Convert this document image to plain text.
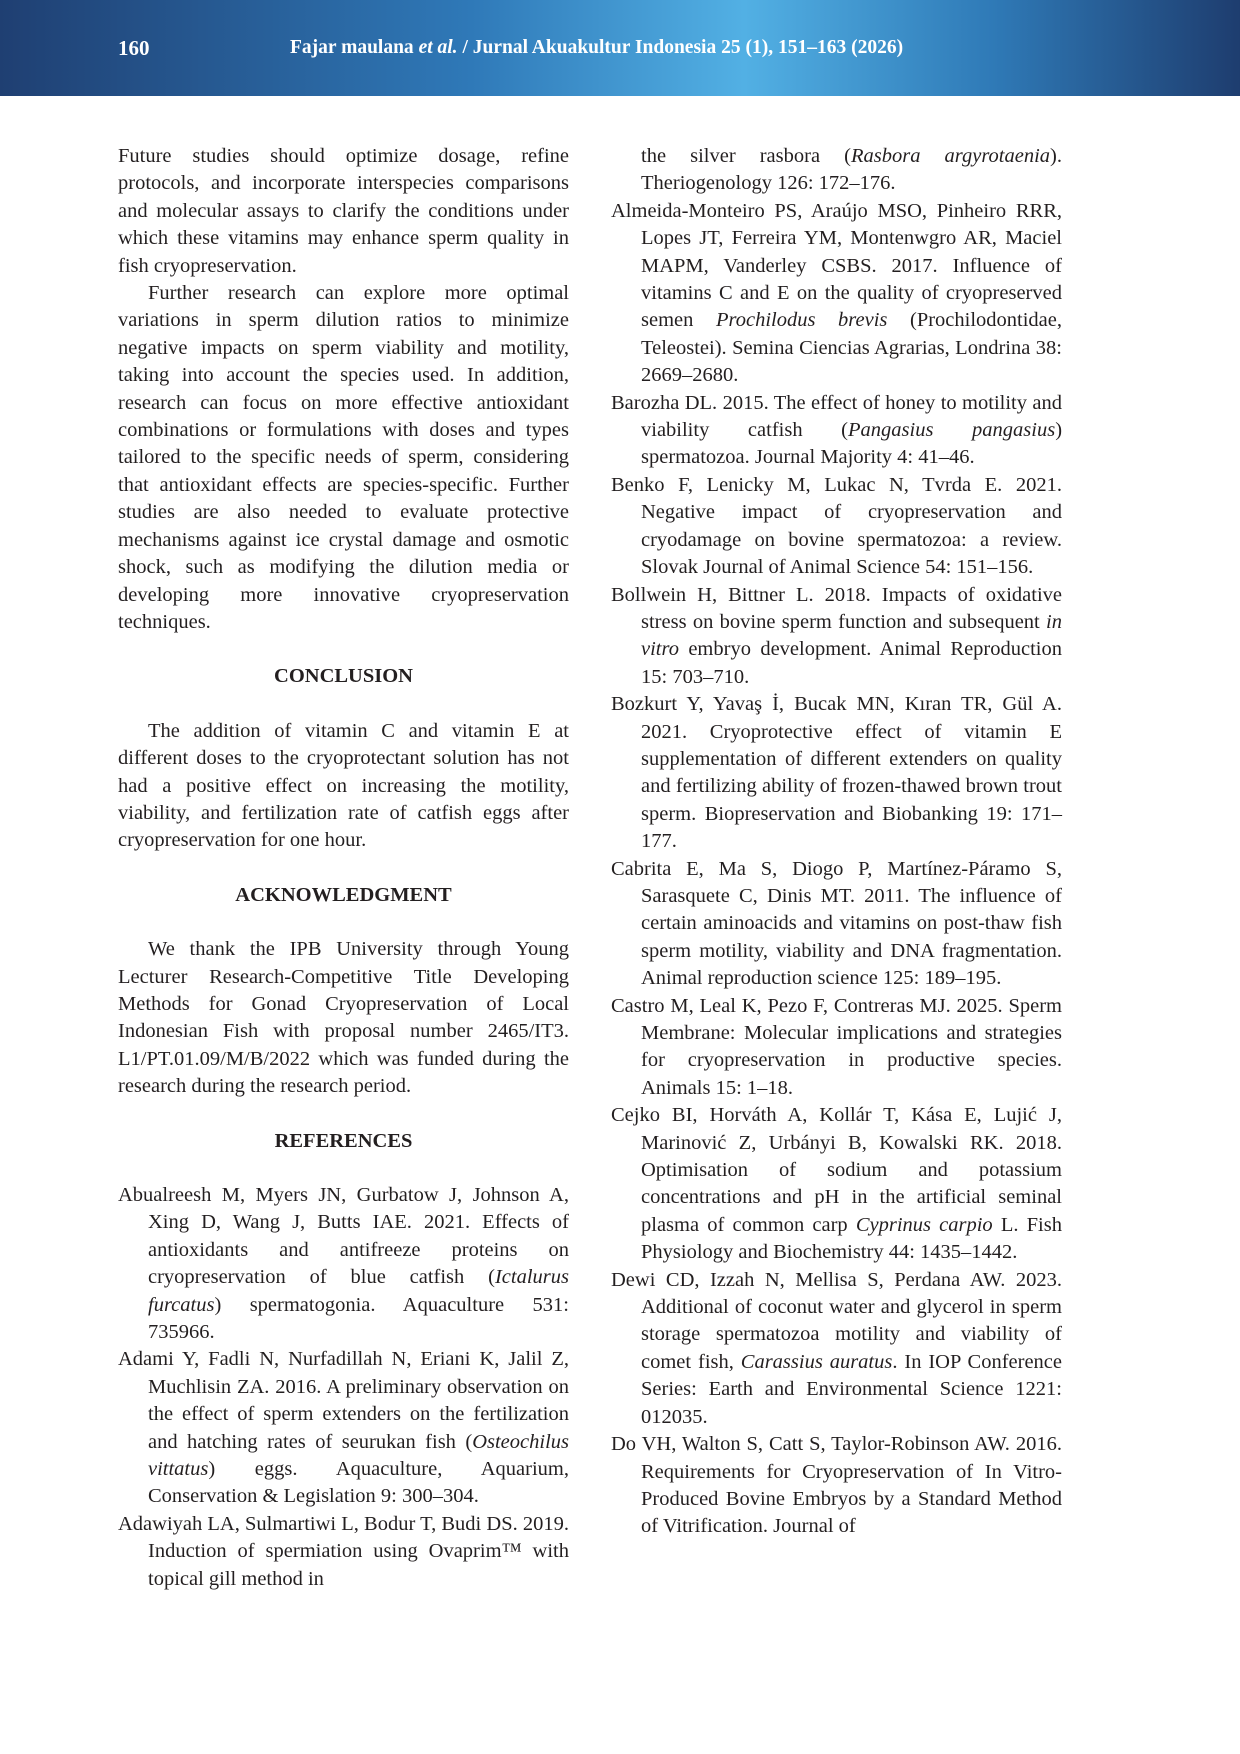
160	Fajar maulana et al. / Jurnal Akuakultur Indonesia 25 (1), 151–163 (2026)

Future studies should optimize dosage, refine protocols, and incorporate interspecies comparisons and molecular assays to clarify the conditions under which these vitamins may enhance sperm quality in fish cryopreservation.

Further research can explore more optimal variations in sperm dilution ratios to minimize negative impacts on sperm viability and motility, taking into account the species used. In addition, research can focus on more effective antioxidant combinations or formulations with doses and types tailored to the specific needs of sperm, considering that antioxidant effects are species-specific. Further studies are also needed to evaluate protective mechanisms against ice crystal damage and osmotic shock, such as modifying the dilution media or developing more innovative cryopreservation techniques.

CONCLUSION

The addition of vitamin C and vitamin E at different doses to the cryoprotectant solution has not had a positive effect on increasing the motility, viability, and fertilization rate of catfish eggs after cryopreservation for one hour.

ACKNOWLEDGMENT

We thank the IPB University through Young Lecturer Research-Competitive Title Developing Methods for Gonad Cryopreservation of Local Indonesian Fish with proposal number 2465/IT3. L1/PT.01.09/M/B/2022 which was funded during the research during the research period.

REFERENCES

Abualreesh M, Myers JN, Gurbatow J, Johnson A, Xing D, Wang J, Butts IAE. 2021. Effects of antioxidants and antifreeze proteins on cryopreservation of blue catfish (Ictalurus furcatus) spermatogonia. Aquaculture 531: 735966.

Adami Y, Fadli N, Nurfadillah N, Eriani K, Jalil Z, Muchlisin ZA. 2016. A preliminary observation on the effect of sperm extenders on the fertilization and hatching rates of seurukan fish (Osteochilus vittatus) eggs. Aquaculture, Aquarium, Conservation & Legislation 9: 300–304.

Adawiyah LA, Sulmartiwi L, Bodur T, Budi DS. 2019. Induction of spermiation using Ovaprim™ with topical gill method in

the silver rasbora (Rasbora argyrotaenia). Theriogenology 126: 172–176.

Almeida-Monteiro PS, Araújo MSO, Pinheiro RRR, Lopes JT, Ferreira YM, Montenwgro AR, Maciel MAPM, Vanderley CSBS. 2017. Influence of vitamins C and E on the quality of cryopreserved semen Prochilodus brevis (Prochilodontidae, Teleostei). Semina Ciencias Agrarias, Londrina 38: 2669–2680.

Barozha DL. 2015. The effect of honey to motility and viability catfish (Pangasius pangasius) spermatozoa. Journal Majority 4: 41–46.

Benko F, Lenicky M, Lukac N, Tvrda E. 2021. Negative impact of cryopreservation and cryodamage on bovine spermatozoa: a review. Slovak Journal of Animal Science 54: 151–156.

Bollwein H, Bittner L. 2018. Impacts of oxidative stress on bovine sperm function and subsequent in vitro embryo development. Animal Reproduction 15: 703–710.

Bozkurt Y, Yavaş İ, Bucak MN, Kıran TR, Gül A. 2021. Cryoprotective effect of vitamin E supplementation of different extenders on quality and fertilizing ability of frozen-thawed brown trout sperm. Biopreservation and Biobanking 19: 171–177.

Cabrita E, Ma S, Diogo P, Martínez-Páramo S, Sarasquete C, Dinis MT. 2011. The influence of certain aminoacids and vitamins on post-thaw fish sperm motility, viability and DNA fragmentation. Animal reproduction science 125: 189–195.

Castro M, Leal K, Pezo F, Contreras MJ. 2025. Sperm Membrane: Molecular implications and strategies for cryopreservation in productive species. Animals 15: 1–18.

Cejko BI, Horváth A, Kollár T, Kása E, Lujić J, Marinović Z, Urbányi B, Kowalski RK. 2018. Optimisation of sodium and potassium concentrations and pH in the artificial seminal plasma of common carp Cyprinus carpio L. Fish Physiology and Biochemistry 44: 1435–1442.

Dewi CD, Izzah N, Mellisa S, Perdana AW. 2023. Additional of coconut water and glycerol in sperm storage spermatozoa motility and viability of comet fish, Carassius auratus. In IOP Conference Series: Earth and Environmental Science 1221: 012035.

Do VH, Walton S, Catt S, Taylor-Robinson AW. 2016. Requirements for Cryopreservation of In Vitro-Produced Bovine Embryos by a Standard Method of Vitrification. Journal of
